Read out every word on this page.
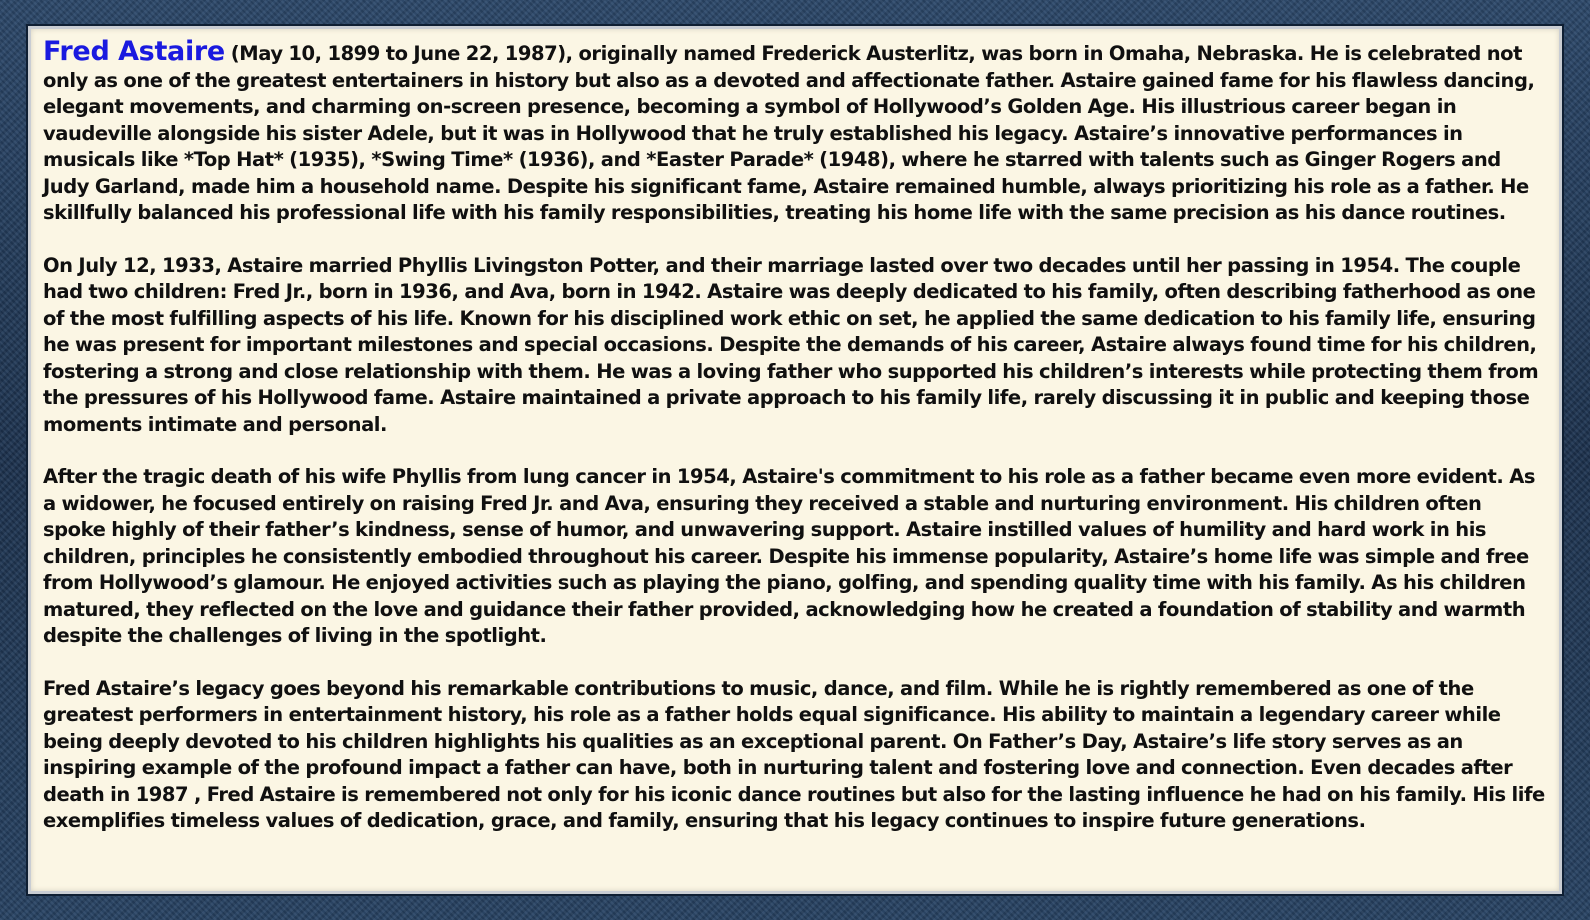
Fred Astaire (May 10, 1899 to June 22, 1987), originally named Frederick Austerlitz, was born in Omaha, Nebraska. He is celebrated not only as one of the greatest entertainers in history but also as a devoted and affectionate father. Astaire gained fame for his flawless dancing, elegant movements, and charming on-screen presence, becoming a symbol of Hollywood’s Golden Age. His illustrious career began in vaudeville alongside his sister Adele, but it was in Hollywood that he truly established his legacy. Astaire’s innovative performances in musicals like *Top Hat* (1935), *Swing Time* (1936), and *Easter Parade* (1948), where he starred with talents such as Ginger Rogers and Judy Garland, made him a household name. Despite his significant fame, Astaire remained humble, always prioritizing his role as a father. He skillfully balanced his professional life with his family responsibilities, treating his home life with the same precision as his dance routines.

On July 12, 1933, Astaire married Phyllis Livingston Potter, and their marriage lasted over two decades until her passing in 1954. The couple had two children: Fred Jr., born in 1936, and Ava, born in 1942. Astaire was deeply dedicated to his family, often describing fatherhood as one of the most fulfilling aspects of his life. Known for his disciplined work ethic on set, he applied the same dedication to his family life, ensuring he was present for important milestones and special occasions. Despite the demands of his career, Astaire always found time for his children, fostering a strong and close relationship with them. He was a loving father who supported his children’s interests while protecting them from the pressures of his Hollywood fame. Astaire maintained a private approach to his family life, rarely discussing it in public and keeping those moments intimate and personal.

After the tragic death of his wife Phyllis from lung cancer in 1954, Astaire's commitment to his role as a father became even more evident. As a widower, he focused entirely on raising Fred Jr. and Ava, ensuring they received a stable and nurturing environment. His children often spoke highly of their father’s kindness, sense of humor, and unwavering support. Astaire instilled values of humility and hard work in his children, principles he consistently embodied throughout his career. Despite his immense popularity, Astaire’s home life was simple and free from Hollywood’s glamour. He enjoyed activities such as playing the piano, golfing, and spending quality time with his family. As his children matured, they reflected on the love and guidance their father provided, acknowledging how he created a foundation of stability and warmth despite the challenges of living in the spotlight.

Fred Astaire’s legacy goes beyond his remarkable contributions to music, dance, and film. While he is rightly remembered as one of the greatest performers in entertainment history, his role as a father holds equal significance. His ability to maintain a legendary career while being deeply devoted to his children highlights his qualities as an exceptional parent. On Father’s Day, Astaire’s life story serves as an inspiring example of the profound impact a father can have, both in nurturing talent and fostering love and connection. Even decades after death in 1987 , Fred Astaire is remembered not only for his iconic dance routines but also for the lasting influence he had on his family. His life exemplifies timeless values of dedication, grace, and family, ensuring that his legacy continues to inspire future generations.
